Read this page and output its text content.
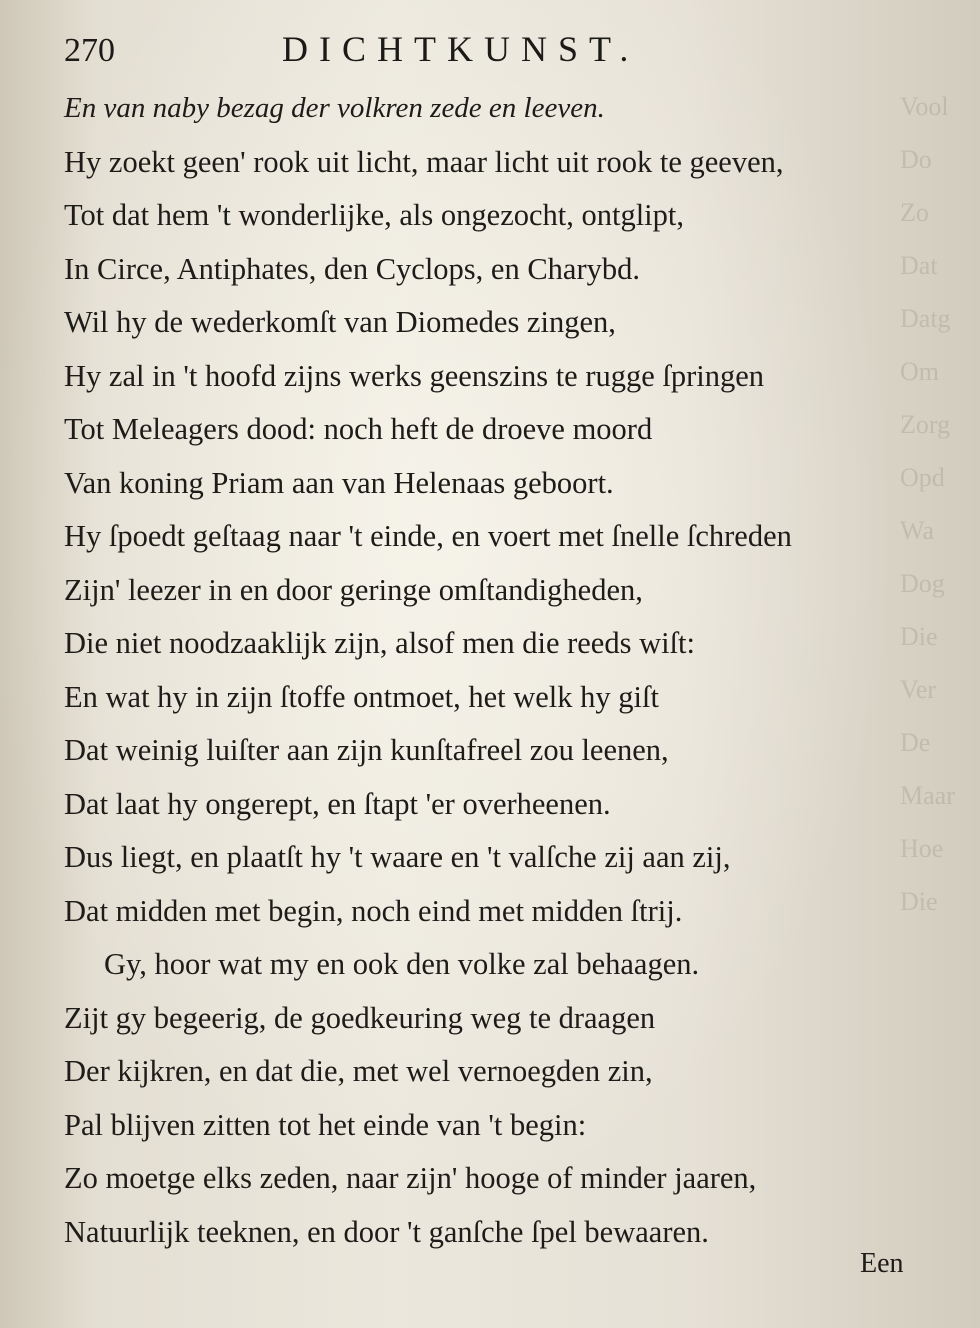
Vool
Do
Zo
Dat
Datg
Om
Zorg
Opd
Wa
Dog
Die
Ver
De
Maar
Hoe
Die
270	DICHTKUNST.
En van naby bezag der volkren zede en leeven.
Hy zoekt geen' rook uit licht, maar licht uit rook te geeven,
Tot dat hem 't wonderlijke, als ongezocht, ontglipt,
In Circe, Antiphates, den Cyclops, en Charybd.
Wil hy de wederkomſt van Diomedes zingen,
Hy zal in 't hoofd zijns werks geenszins te rugge ſpringen
Tot Meleagers dood: noch heft de droeve moord
Van koning Priam aan van Helenaas geboort.
Hy ſpoedt geſtaag naar 't einde, en voert met ſnelle ſchreden
Zijn' leezer in en door geringe omſtandigheden,
Die niet noodzaaklijk zijn, alsof men die reeds wiſt:
En wat hy in zijn ſtoffe ontmoet, het welk hy giſt
Dat weinig luiſter aan zijn kunſtafreel zou leenen,
Dat laat hy ongerept, en ſtapt 'er overheenen.
Dus liegt, en plaatſt hy 't waare en 't valſche zij aan zij,
Dat midden met begin, noch eind met midden ſtrij.
Gy, hoor wat my en ook den volke zal behaagen.
Zijt gy begeerig, de goedkeuring weg te draagen
Der kijkren, en dat die, met wel vernoegden zin,
Pal blijven zitten tot het einde van 't begin:
Zo moetge elks zeden, naar zijn' hooge of minder jaaren,
Natuurlijk teeknen, en door 't ganſche ſpel bewaaren.
Een
